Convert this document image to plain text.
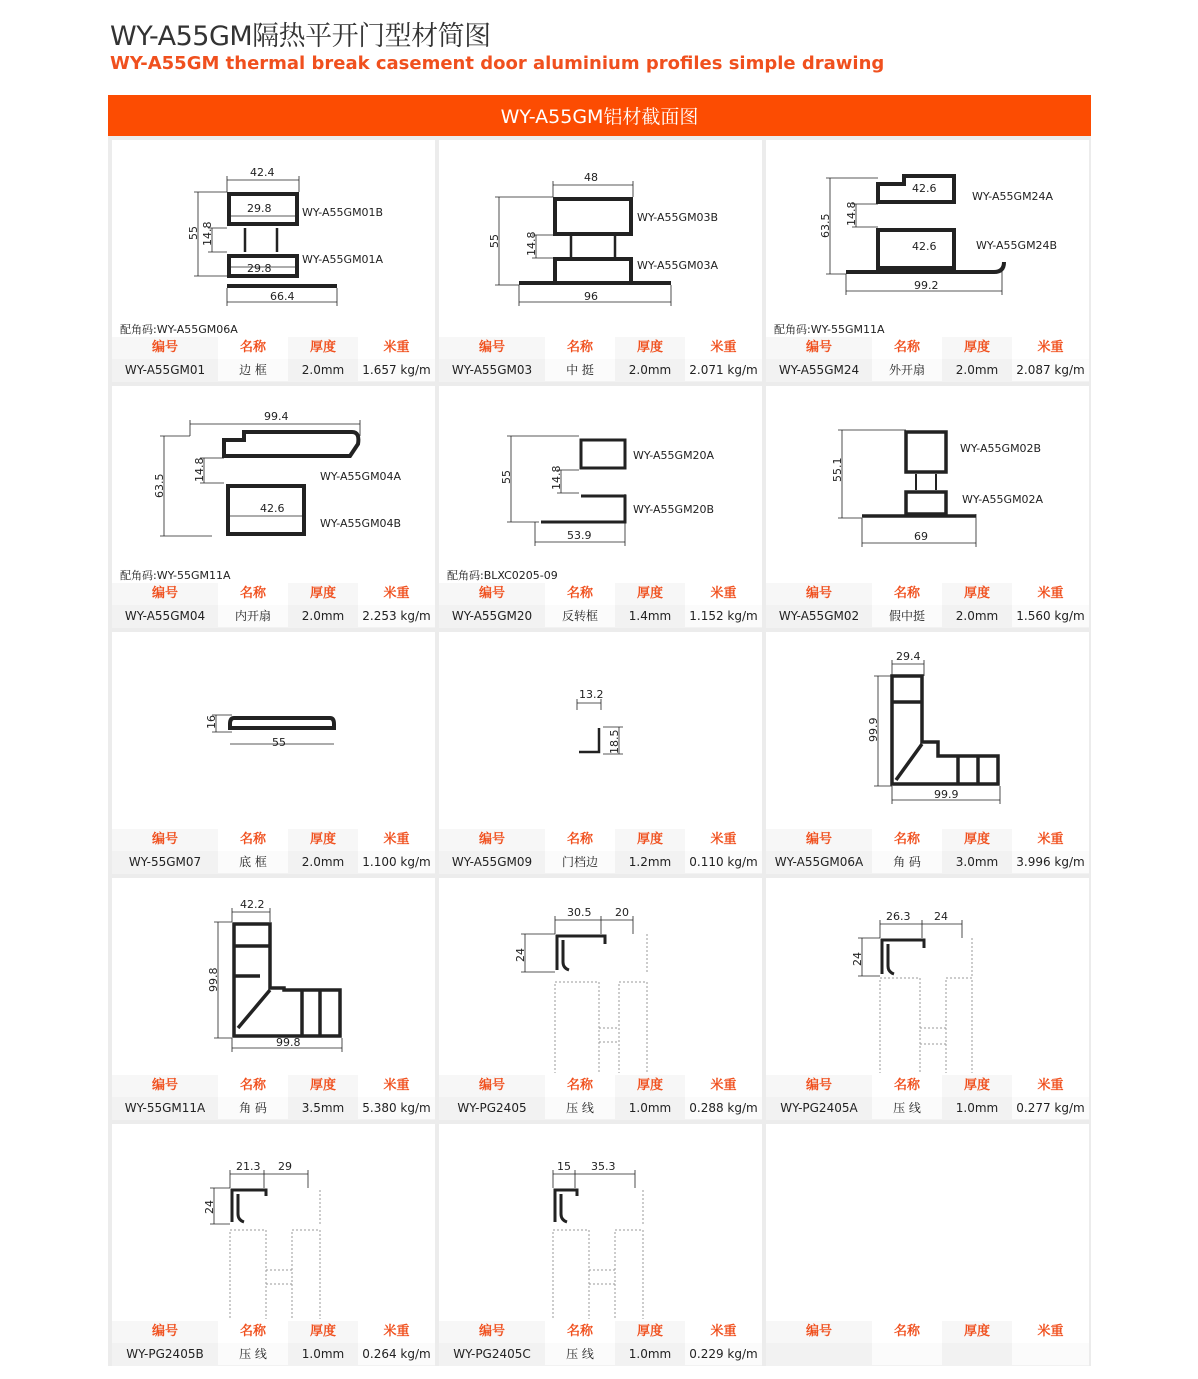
WY-A55GM隔热平开门型材简图
WY-A55GM thermal break casement door aluminium profiles simple drawing
WY-A55GM铝材截面图
42.4
29.8
29.8
55 14.8
66.4
WY-A55GM01B
WY-A55GM01A
配角码:WY-A55GM06A
编号	名称	厚度	米重
WY-A55GM01	边 框	2.0mm	1.657 kg/m
48
55 14.8
96
WY-A55GM03B
WY-A55GM03A
编号	名称	厚度	米重
WY-A55GM03	中 挺	2.0mm	2.071 kg/m
42.6
42.6
63.5 14.8
99.2
WY-A55GM24A
WY-A55GM24B
配角码:WY-55GM11A
编号	名称	厚度	米重
WY-A55GM24	外开扇	2.0mm	2.087 kg/m
99.4
63.5
14.8
42.6
WY-A55GM04A
WY-A55GM04B
配角码:WY-55GM11A
编号	名称	厚度	米重
WY-A55GM04	内开扇	2.0mm	2.253 kg/m
55	14.8
53.9
WY-A55GM20A
WY-A55GM20B
配角码:BLXC0205-09
编号	名称	厚度	米重
WY-A55GM20	反转框	1.4mm	1.152 kg/m
55.1
69
WY-A55GM02B
WY-A55GM02A
编号	名称	厚度	米重
WY-A55GM02	假中挺	2.0mm	1.560 kg/m
16
55
编号	名称	厚度	米重
WY-55GM07	底 框	2.0mm	1.100 kg/m
13.2
18.5
编号	名称	厚度	米重
WY-A55GM09	门档边	1.2mm	0.110 kg/m
29.4
99.9
99.9
编号	名称	厚度	米重
WY-A55GM06A	角 码	3.0mm	3.996 kg/m
42.2
99.8
99.8
编号	名称	厚度	米重
WY-55GM11A	角 码	3.5mm	5.380 kg/m
30.5 20
24
编号	名称	厚度	米重
WY-PG2405	压 线	1.0mm	0.288 kg/m
26.3 24
24
编号	名称	厚度	米重
WY-PG2405A	压 线	1.0mm	0.277 kg/m
21.3 29
24
编号	名称	厚度	米重
WY-PG2405B	压 线	1.0mm	0.264 kg/m
15 35.3
编号	名称	厚度	米重
WY-PG2405C	压 线	1.0mm	0.229 kg/m
编号	名称	厚度	米重
